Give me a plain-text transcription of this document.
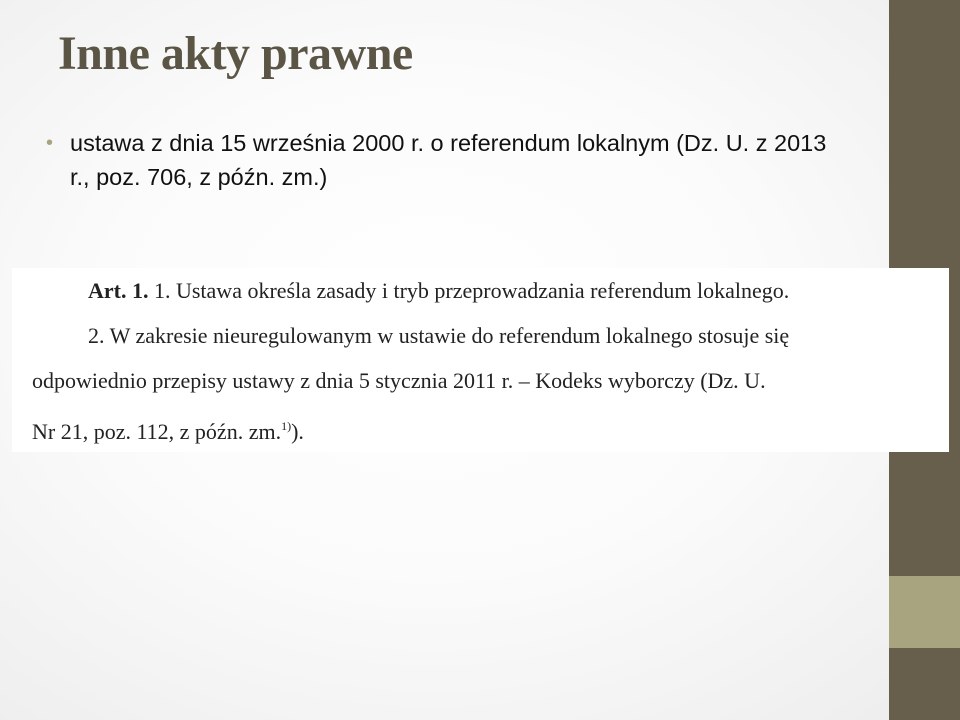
Inne akty prawne
• ustawa z dnia 15 września 2000 r. o referendum lokalnym (Dz. U. z 2013 r., poz. 706, z późn. zm.)
Art. 1. 1. Ustawa określa zasady i tryb przeprowadzania referendum lokalnego.
2. W zakresie nieuregulowanym w ustawie do referendum lokalnego stosuje się
odpowiednio przepisy ustawy z dnia 5 stycznia 2011 r. – Kodeks wyborczy (Dz. U.
Nr 21, poz. 112, z późn. zm.$^{1)}$).
